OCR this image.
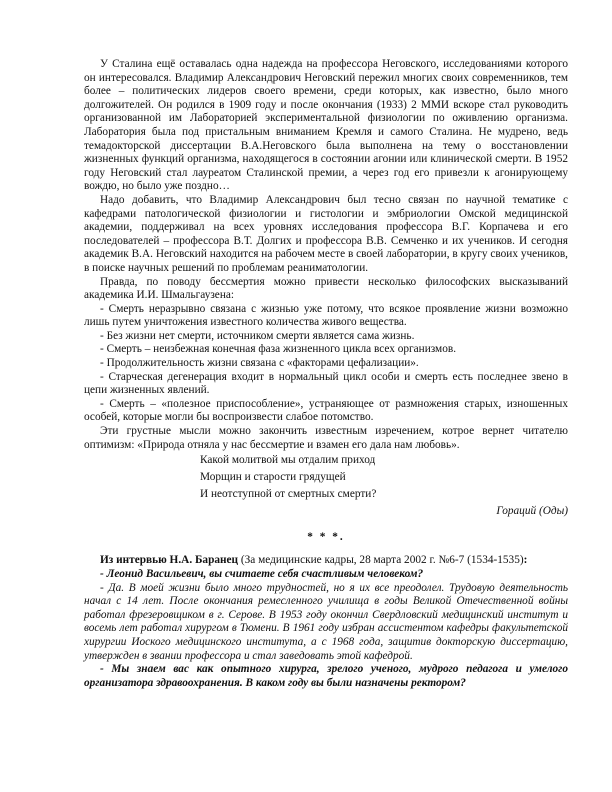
У Сталина ещё оставалась одна надежда на профессора Неговского, исследованиями которого он интересовался. Владимир Александрович Неговский пережил многих своих современников, тем более – политических лидеров своего времени, среди которых, как известно, было много долгожителей. Он родился в 1909 году и после окончания (1933) 2 ММИ вскоре стал руководить организованной им Лабораторией экспериментальной физиологии по оживлению организма. Лаборатория была под пристальным вниманием Кремля и самого Сталина. Не мудрено, ведь темадокторской диссертации В.А.Неговского была выполнена на тему о восстановлении жизненных функций организма, находящегося в состоянии агонии или клинической смерти. В 1952 году Неговский стал лауреатом Сталинской премии, а через год его привезли к агонирующему вождю, но было уже поздно…

Надо добавить, что Владимир Александрович был тесно связан по научной тематике с кафедрами патологической физиологии и гистологии и эмбриологии Омской медицинской академии, поддерживал на всех уровнях исследования профессора В.Г. Корпачева и его последователей – профессора В.Т. Долгих и профессора В.В. Семченко и их учеников. И сегодня академик В.А. Неговский находится на рабочем месте в своей лаборатории, в кругу своих учеников, в поиске научных решений по проблемам реаниматологии.

Правда, по поводу бессмертия можно привести несколько философских высказываний академика И.И. Шмальгаузена:

- Смерть неразрывно связана с жизнью уже потому, что всякое проявление жизни возможно лишь путем уничтожения известного количества живого вещества.

- Без жизни нет смерти, источником смерти является сама жизнь.

- Смерть – неизбежная конечная фаза жизненного цикла всех организмов.

- Продолжительность жизни связана с «факторами цефализации».

- Старческая дегенерация входит в нормальный цикл особи и смерть есть последнее звено в цепи жизненных явлений.

- Смерть – «полезное приспособление», устраняющее от размножения старых, изношенных особей, которые могли бы воспроизвести слабое потомство.

Эти грустные мысли можно закончить известным изречением, котрое вернет читателю оптимизм: «Природа отняла у нас бессмертие и взамен его дала нам любовь».

Какой молитвой мы отдалим приход
Морщин и старости грядущей
И неотступной от смертных смерти?

Гораций (Оды)

* * *.

Из интервью Н.А. Баранец (За медицинские кадры, 28 марта 2002 г. №6-7 (1534-1535):

- Леонид Васильевич, вы считаете себя счастливым человеком?

- Да. В моей жизни было много трудностей, но я их все преодолел. Трудовую деятельность начал с 14 лет. После окончания ремесленного училища в годы Великой Отечественной войны работал фрезеровщиком в г. Серове. В 1953 году окончил Свердловский медицинский институт и восемь лет работал хирургом в Тюмени. В 1961 году избран ассистентом кафедры факультетской хирургии Иоского медицинского института, а с 1968 года, защитив докторскую диссертацию, утвержден в звании профессора и стал заведовать этой кафедрой.

- Мы знаем вас как опытного хирурга, зрелого ученого, мудрого педагога и умелого организатора здравоохранения. В каком году вы были назначены ректором?
